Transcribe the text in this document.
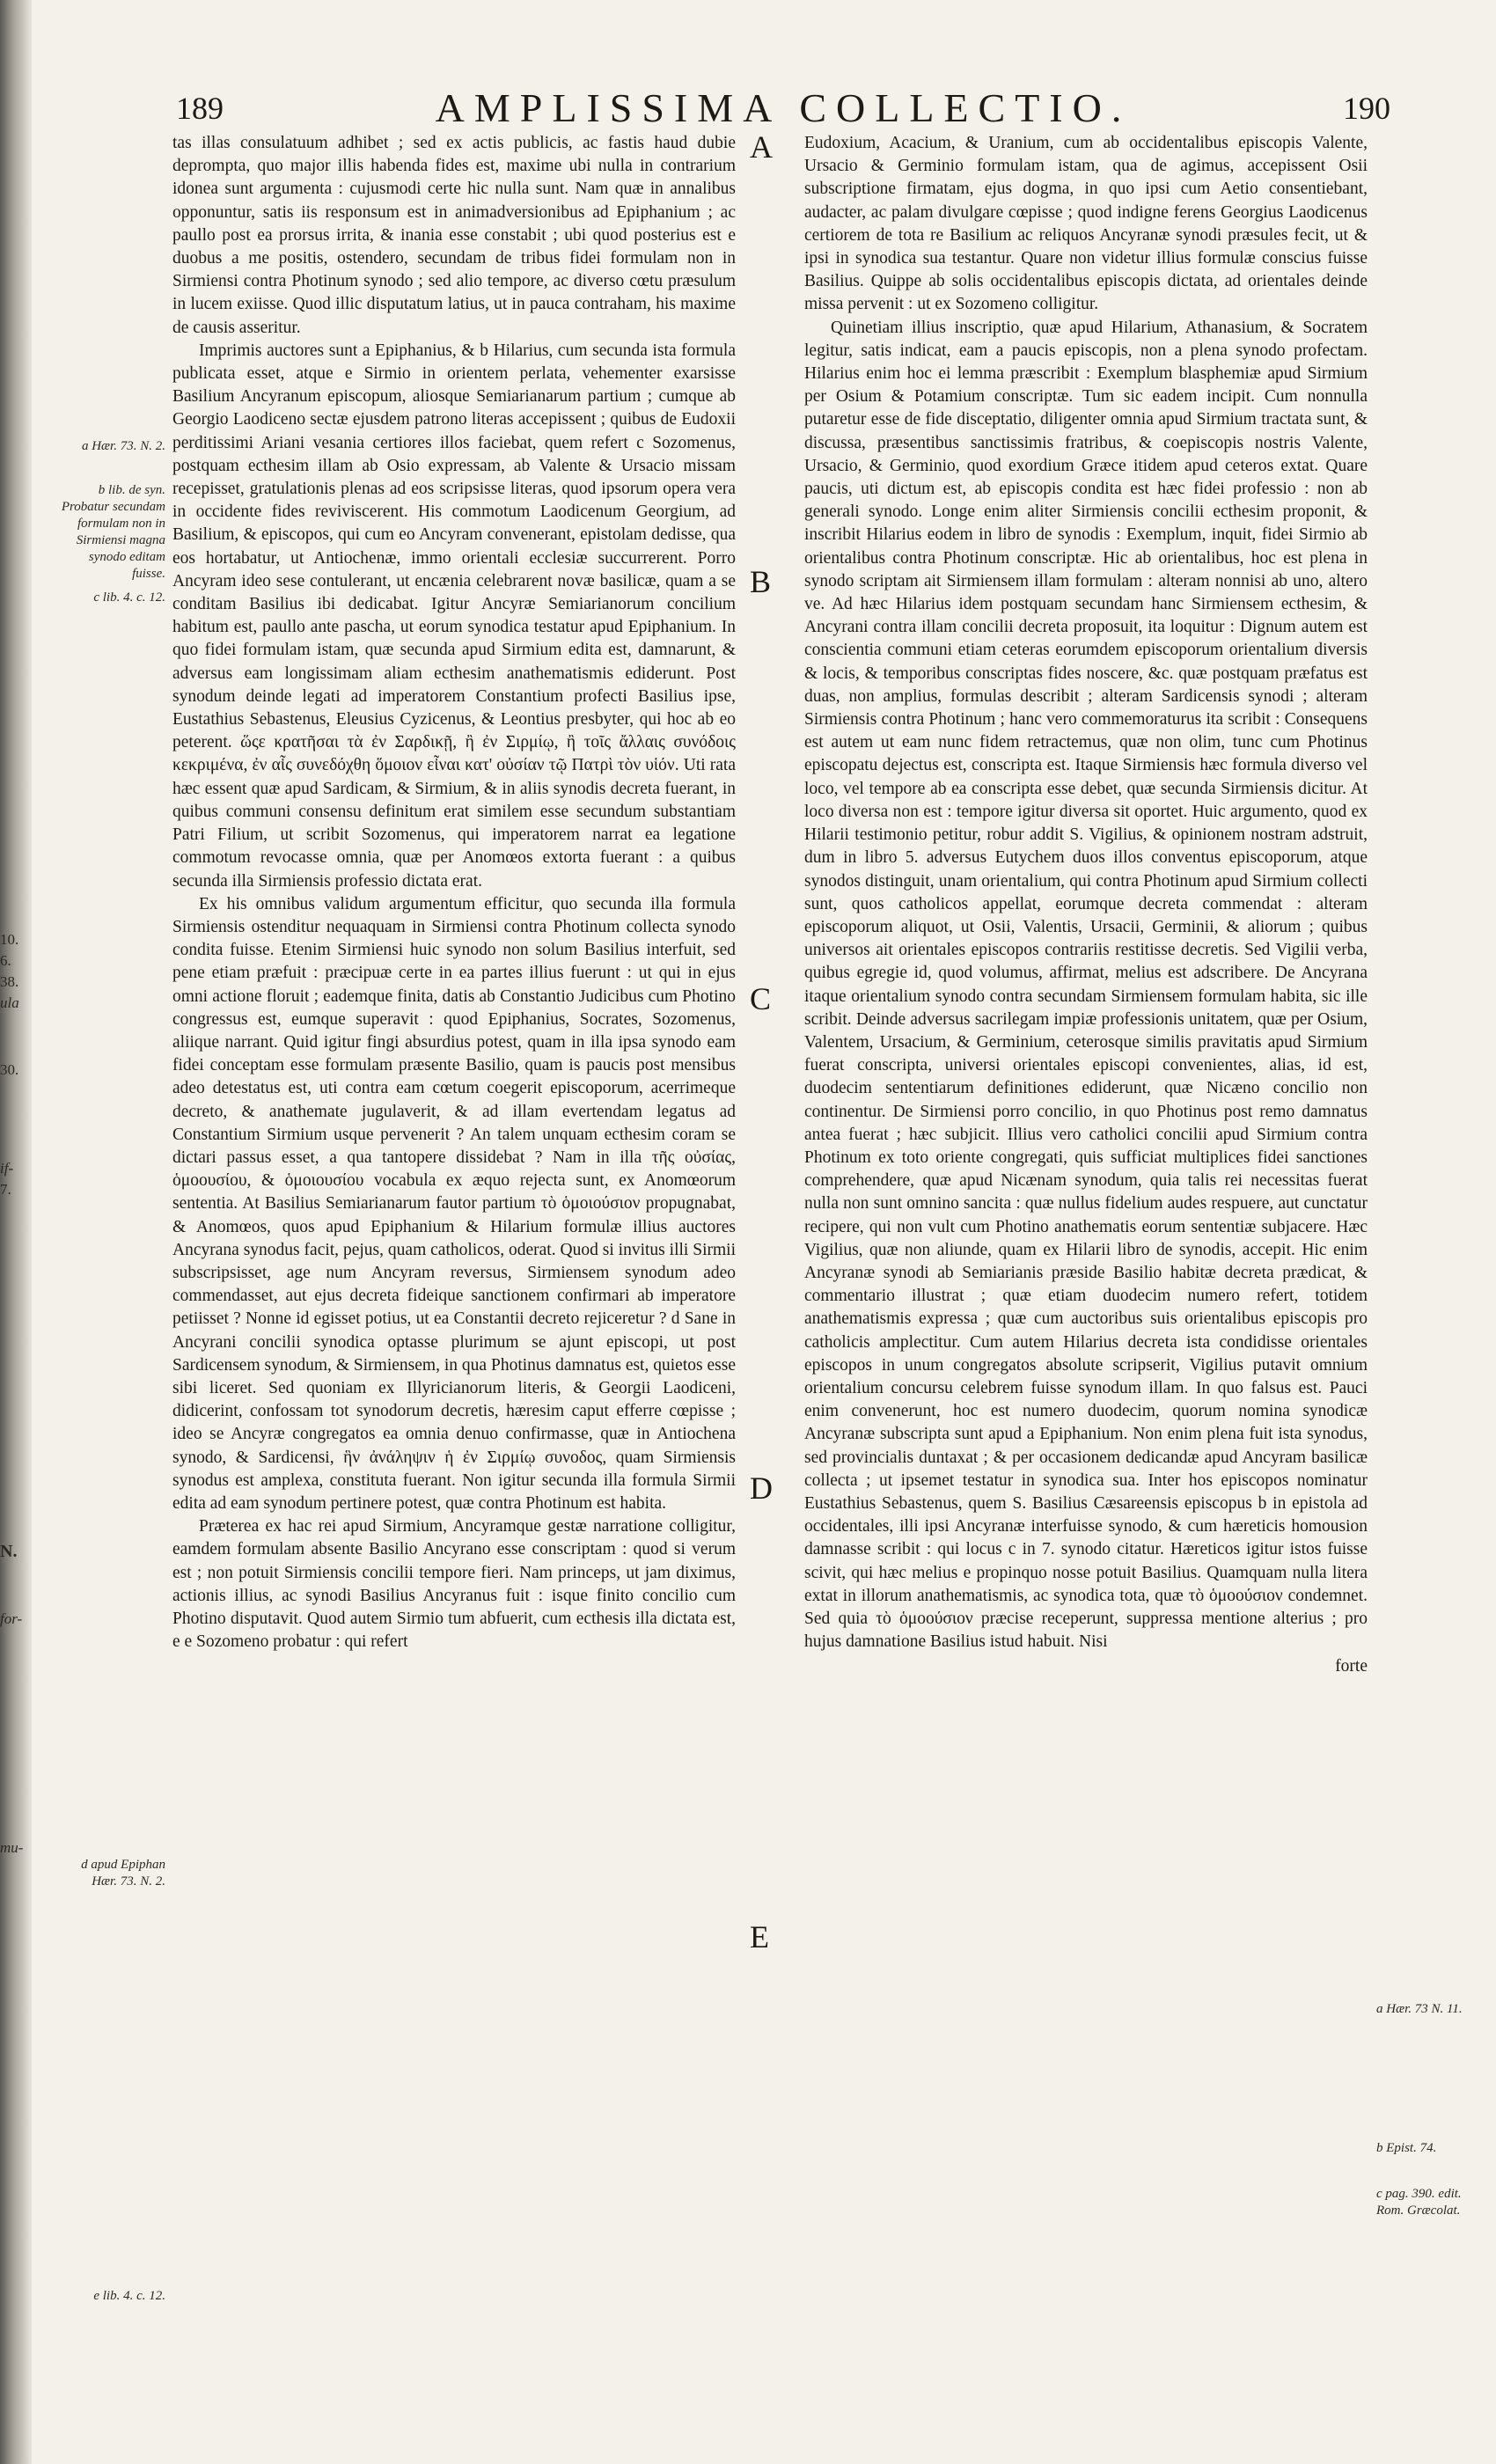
10.
6.
38.
ula
30.
if-
7.
N.
for-
mu-
189	AMPLISSIMA COLLECTIO.	190

tas illas consulatuum adhibet ; sed ex actis publicis, ac fastis haud dubie deprompta, quo major illis habenda fides est, maxime ubi nulla in contrarium idonea sunt argumenta : cujusmodi certe hic nulla sunt. Nam quæ in annalibus opponuntur, satis iis responsum est in animadversionibus ad Epiphanium ; ac paullo post ea prorsus irrita, & inania esse constabit ; ubi quod posterius est e duobus a me positis, ostendero, secundam de tribus fidei formulam non in Sirmiensi contra Photinum synodo ; sed alio tempore, ac diverso cœtu præsulum in lucem exiisse. Quod illic disputatum latius, ut in pauca contraham, his maxime de causis asseritur.

Imprimis auctores sunt a Epiphanius, & b Hilarius, cum secunda ista formula publicata esset, atque e Sirmio in orientem perlata, vehementer exarsisse Basilium Ancyranum episcopum, aliosque Semiarianarum partium ; cumque ab Georgio Laodiceno sectæ ejusdem patrono literas accepissent ; quibus de Eudoxii perditissimi Ariani vesania certiores illos faciebat, quem refert c Sozomenus, postquam ecthesim illam ab Osio expressam, ab Valente & Ursacio missam recepisset, gratulationis plenas ad eos scripsisse literas, quod ipsorum opera vera in occidente fides reviviscerent. His commotum Laodicenum Georgium, ad Basilium, & episcopos, qui cum eo Ancyram convenerant, epistolam dedisse, qua eos hortabatur, ut Antiochenæ, immo orientali ecclesiæ succurrerent. Porro Ancyram ideo sese contulerant, ut encænia celebrarent novæ basilicæ, quam a se conditam Basilius ibi dedicabat. Igitur Ancyræ Semiarianorum concilium habitum est, paullo ante pascha, ut eorum synodica testatur apud Epiphanium. In quo fidei formulam istam, quæ secunda apud Sirmium edita est, damnarunt, & adversus eam longissimam aliam ecthesim anathematismis ediderunt. Post synodum deinde legati ad imperatorem Constantium profecti Basilius ipse, Eustathius Sebastenus, Eleusius Cyzicenus, & Leontius presbyter, qui hoc ab eo peterent. ὥςε κρατῆσαι τὰ ἐν Σαρδικῇ, ἢ ἐν Σιρμίῳ, ἢ τοῖς ἄλλαις συνόδοις κεκριμένα, ἐν αἷς συνεδόχθη ὅμοιον εἶναι κατ' οὐσίαν τῷ Πατρὶ τὸν υἱόν. Uti rata hæc essent quæ apud Sardicam, & Sirmium, & in aliis synodis decreta fuerant, in quibus communi consensu definitum erat similem esse secundum substantiam Patri Filium, ut scribit Sozomenus, qui imperatorem narrat ea legatione commotum revocasse omnia, quæ per Anomœos extorta fuerant : a quibus secunda illa Sirmiensis professio dictata erat.

Ex his omnibus validum argumentum efficitur, quo secunda illa formula Sirmiensis ostenditur nequaquam in Sirmiensi contra Photinum collecta synodo condita fuisse. Etenim Sirmiensi huic synodo non solum Basilius interfuit, sed pene etiam præfuit : præcipuæ certe in ea partes illius fuerunt : ut qui in ejus omni actione floruit ; eademque finita, datis ab Constantio Judicibus cum Photino congressus est, eumque superavit : quod Epiphanius, Socrates, Sozomenus, aliique narrant. Quid igitur fingi absurdius potest, quam in illa ipsa synodo eam fidei conceptam esse formulam præsente Basilio, quam is paucis post mensibus adeo detestatus est, uti contra eam cœtum coegerit episcoporum, acerrimeque decreto, & anathemate jugulaverit, & ad illam evertendam legatus ad Constantium Sirmium usque pervenerit ? An talem unquam ecthesim coram se dictari passus esset, a qua tantopere dissidebat ? Nam in illa τῆς οὐσίας, ὁμοουσίου, & ὁμοιουσίου vocabula ex æquo rejecta sunt, ex Anomœorum sententia. At Basilius Semiarianarum fautor partium τὸ ὁμοιούσιον propugnabat, & Anomœos, quos apud Epiphanium & Hilarium formulæ illius auctores Ancyrana synodus facit, pejus, quam catholicos, oderat. Quod si invitus illi Sirmii subscripsisset, age num Ancyram reversus, Sirmiensem synodum adeo commendasset, aut ejus decreta fideique sanctionem confirmari ab imperatore petiisset ? Nonne id egisset potius, ut ea Constantii decreto rejiceretur ? d Sane in Ancyrani concilii synodica optasse plurimum se ajunt episcopi, ut post Sardicensem synodum, & Sirmiensem, in qua Photinus damnatus est, quietos esse sibi liceret. Sed quoniam ex Illyricianorum literis, & Georgii Laodiceni, didicerint, confossam tot synodorum decretis, hæresim caput efferre cœpisse ; ideo se Ancyræ congregatos ea omnia denuo confirmasse, quæ in Antiochena synodo, & Sardicensi, ἣν ἀνάληψιν ἡ ἐν Σιρμίῳ συνοδος, quam Sirmiensis synodus est amplexa, constituta fuerant. Non igitur secunda illa formula Sirmii edita ad eam synodum pertinere potest, quæ contra Photinum est habita.

Præterea ex hac rei apud Sirmium, Ancyramque gestæ narratione colligitur, eamdem formulam absente Basilio Ancyrano esse conscriptam : quod si verum est ; non potuit Sirmiensis concilii tempore fieri. Nam princeps, ut jam diximus, actionis illius, ac synodi Basilius Ancyranus fuit : isque finito concilio cum Photino disputavit. Quod autem Sirmio tum abfuerit, cum ecthesis illa dictata est, e e Sozomeno probatur : qui refert

A
B
C
D
E

Eudoxium, Acacium, & Uranium, cum ab occidentalibus episcopis Valente, Ursacio & Germinio formulam istam, qua de agimus, accepissent Osii subscriptione firmatam, ejus dogma, in quo ipsi cum Aetio consentiebant, audacter, ac palam divulgare cœpisse ; quod indigne ferens Georgius Laodicenus certiorem de tota re Basilium ac reliquos Ancyranæ synodi præsules fecit, ut & ipsi in synodica sua testantur. Quare non videtur illius formulæ conscius fuisse Basilius. Quippe ab solis occidentalibus episcopis dictata, ad orientales deinde missa pervenit : ut ex Sozomeno colligitur.

Quinetiam illius inscriptio, quæ apud Hilarium, Athanasium, & Socratem legitur, satis indicat, eam a paucis episcopis, non a plena synodo profectam. Hilarius enim hoc ei lemma præscribit : Exemplum blasphemiæ apud Sirmium per Osium & Potamium conscriptæ. Tum sic eadem incipit. Cum nonnulla putaretur esse de fide disceptatio, diligenter omnia apud Sirmium tractata sunt, & discussa, præsentibus sanctissimis fratribus, & coepiscopis nostris Valente, Ursacio, & Germinio, quod exordium Græce itidem apud ceteros extat. Quare paucis, uti dictum est, ab episcopis condita est hæc fidei professio : non ab generali synodo. Longe enim aliter Sirmiensis concilii ecthesim proponit, & inscribit Hilarius eodem in libro de synodis : Exemplum, inquit, fidei Sirmio ab orientalibus contra Photinum conscriptæ. Hic ab orientalibus, hoc est plena in synodo scriptam ait Sirmiensem illam formulam : alteram nonnisi ab uno, altero ve. Ad hæc Hilarius idem postquam secundam hanc Sirmiensem ecthesim, & Ancyrani contra illam concilii decreta proposuit, ita loquitur : Dignum autem est conscientia communi etiam ceteras eorumdem episcoporum orientalium diversis & locis, & temporibus conscriptas fides noscere, &c. quæ postquam præfatus est duas, non amplius, formulas describit ; alteram Sardicensis synodi ; alteram Sirmiensis contra Photinum ; hanc vero commemoraturus ita scribit : Consequens est autem ut eam nunc fidem retractemus, quæ non olim, tunc cum Photinus episcopatu dejectus est, conscripta est. Itaque Sirmiensis hæc formula diverso vel loco, vel tempore ab ea conscripta esse debet, quæ secunda Sirmiensis dicitur. At loco diversa non est : tempore igitur diversa sit oportet. Huic argumento, quod ex Hilarii testimonio petitur, robur addit S. Vigilius, & opinionem nostram adstruit, dum in libro 5. adversus Eutychem duos illos conventus episcoporum, atque synodos distinguit, unam orientalium, qui contra Photinum apud Sirmium collecti sunt, quos catholicos appellat, eorumque decreta commendat : alteram episcoporum aliquot, ut Osii, Valentis, Ursacii, Germinii, & aliorum ; quibus universos ait orientales episcopos contrariis restitisse decretis. Sed Vigilii verba, quibus egregie id, quod volumus, affirmat, melius est adscribere. De Ancyrana itaque orientalium synodo contra secundam Sirmiensem formulam habita, sic ille scribit. Deinde adversus sacrilegam impiæ professionis unitatem, quæ per Osium, Valentem, Ursacium, & Germinium, ceterosque similis pravitatis apud Sirmium fuerat conscripta, universi orientales episcopi convenientes, alias, id est, duodecim sententiarum definitiones ediderunt, quæ Nicæno concilio non continentur. De Sirmiensi porro concilio, in quo Photinus post remo damnatus antea fuerat ; hæc subjicit. Illius vero catholici concilii apud Sirmium contra Photinum ex toto oriente congregati, quis sufficiat multiplices fidei sanctiones comprehendere, quæ apud Nicænam synodum, quia talis rei necessitas fuerat nulla non sunt omnino sancita : quæ nullus fidelium audes respuere, aut cunctatur recipere, qui non vult cum Photino anathematis eorum sententiæ subjacere. Hæc Vigilius, quæ non aliunde, quam ex Hilarii libro de synodis, accepit. Hic enim Ancyranæ synodi ab Semiarianis præside Basilio habitæ decreta prædicat, & commentario illustrat ; quæ etiam duodecim numero refert, totidem anathematismis expressa ; quæ cum auctoribus suis orientalibus episcopis pro catholicis amplectitur. Cum autem Hilarius decreta ista condidisse orientales episcopos in unum congregatos absolute scripserit, Vigilius putavit omnium orientalium concursu celebrem fuisse synodum illam. In quo falsus est. Pauci enim convenerunt, hoc est numero duodecim, quorum nomina synodicæ Ancyranæ subscripta sunt apud a Epiphanium. Non enim plena fuit ista synodus, sed provincialis duntaxat ; & per occasionem dedicandæ apud Ancyram basilicæ collecta ; ut ipsemet testatur in synodica sua. Inter hos episcopos nominatur Eustathius Sebastenus, quem S. Basilius Cæsareensis episcopus b in epistola ad occidentales, illi ipsi Ancyranæ interfuisse synodo, & cum hæreticis homousion damnasse scribit : qui locus c in 7. synodo citatur. Hæreticos igitur istos fuisse scivit, qui hæc melius e propinquo nosse potuit Basilius. Quamquam nulla litera extat in illorum anathematismis, ac synodica tota, quæ τὸ ὁμοούσιον condemnet. Sed quia τὸ ὁμοούσιον præcise receperunt, suppressa mentione alterius ; pro hujus damnatione Basilius istud habuit. Nisi

forte
a Hær. 73. N. 2.
b lib. de syn. Probatur secundam formulam non in Sirmiensi magna synodo editam fuisse.
c lib. 4. c. 12.
d apud Epiphan Hær. 73. N. 2.
e lib. 4. c. 12.
a Hær. 73 N. 11.
b Epist. 74.
c pag. 390. edit. Rom. Græcolat.
